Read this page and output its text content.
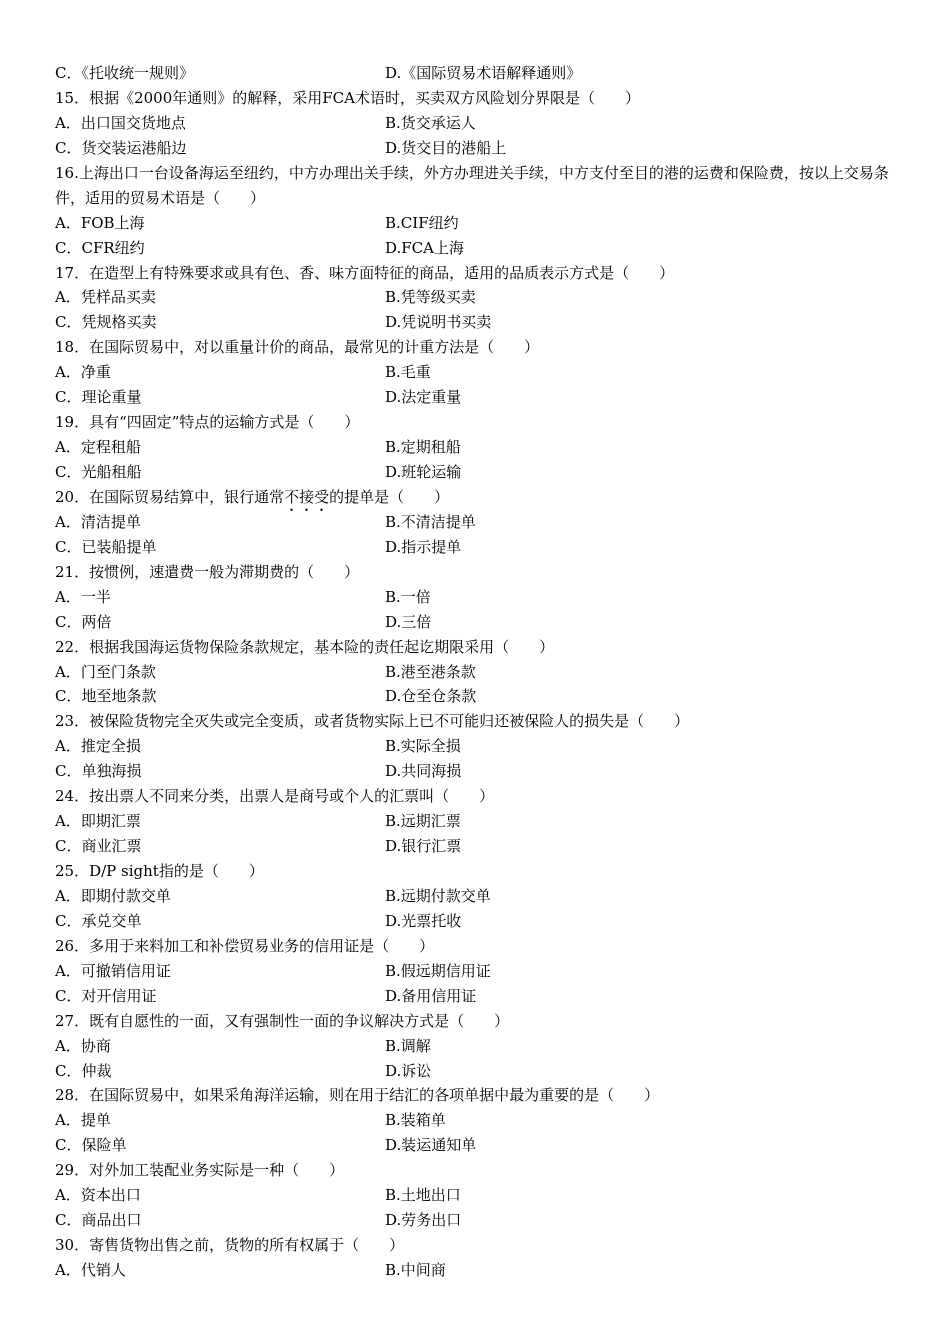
C．《托收统一规则》	D.《国际贸易术语解释通则》
15．根据《2000年通则》的解释，采用FCA术语时，买卖双方风险划分界限是（　　）
A．出口国交货地点	B.货交承运人
C．货交装运港船边	D.货交目的港船上
16.上海出口一台设备海运至纽约，中方办理出关手续，外方办理进关手续，中方支付至目的港的运费和保险费，按以上交易条件，适用的贸易术语是（　　）
A．FOB上海	B.CIF纽约
C．CFR纽约	D.FCA上海
17．在造型上有特殊要求或具有色、香、味方面特征的商品，适用的品质表示方式是（　　）
A．凭样品买卖	B.凭等级买卖
C．凭规格买卖	D.凭说明书买卖
18．在国际贸易中，对以重量计价的商品，最常见的计重方法是（　　）
A．净重	B.毛重
C．理论重量	D.法定重量
19．具有“四固定”特点的运输方式是（　　）
A．定程租船	B.定期租船
C．光船租船	D.班轮运输
20．在国际贸易结算中，银行通常不接受的提单是（　　）
A．清洁提单	B.不清洁提单
C．已装船提单	D.指示提单
21．按惯例，速遣费一般为滞期费的（　　）
A．一半	B.一倍
C．两倍	D.三倍
22．根据我国海运货物保险条款规定，基本险的责任起讫期限采用（　　）
A．门至门条款	B.港至港条款
C．地至地条款	D.仓至仓条款
23．被保险货物完全灭失或完全变质，或者货物实际上已不可能归还被保险人的损失是（　　）
A．推定全损	B.实际全损
C．单独海损	D.共同海损
24．按出票人不同来分类，出票人是商号或个人的汇票叫（　　）
A．即期汇票	B.远期汇票
C．商业汇票	D.银行汇票
25．D/P sight指的是（　　）
A．即期付款交单	B.远期付款交单
C．承兑交单	D.光票托收
26．多用于来料加工和补偿贸易业务的信用证是（　　）
A．可撤销信用证	B.假远期信用证
C．对开信用证	D.备用信用证
27．既有自愿性的一面，又有强制性一面的争议解决方式是（　　）
A．协商	B.调解
C．仲裁	D.诉讼
28．在国际贸易中，如果采角海洋运输，则在用于结汇的各项单据中最为重要的是（　　）
A．提单	B.装箱单
C．保险单	D.装运通知单
29．对外加工装配业务实际是一种（　　）
A．资本出口	B.土地出口
C．商品出口	D.劳务出口
30．寄售货物出售之前，货物的所有权属于（　　）
A．代销人	B.中间商
